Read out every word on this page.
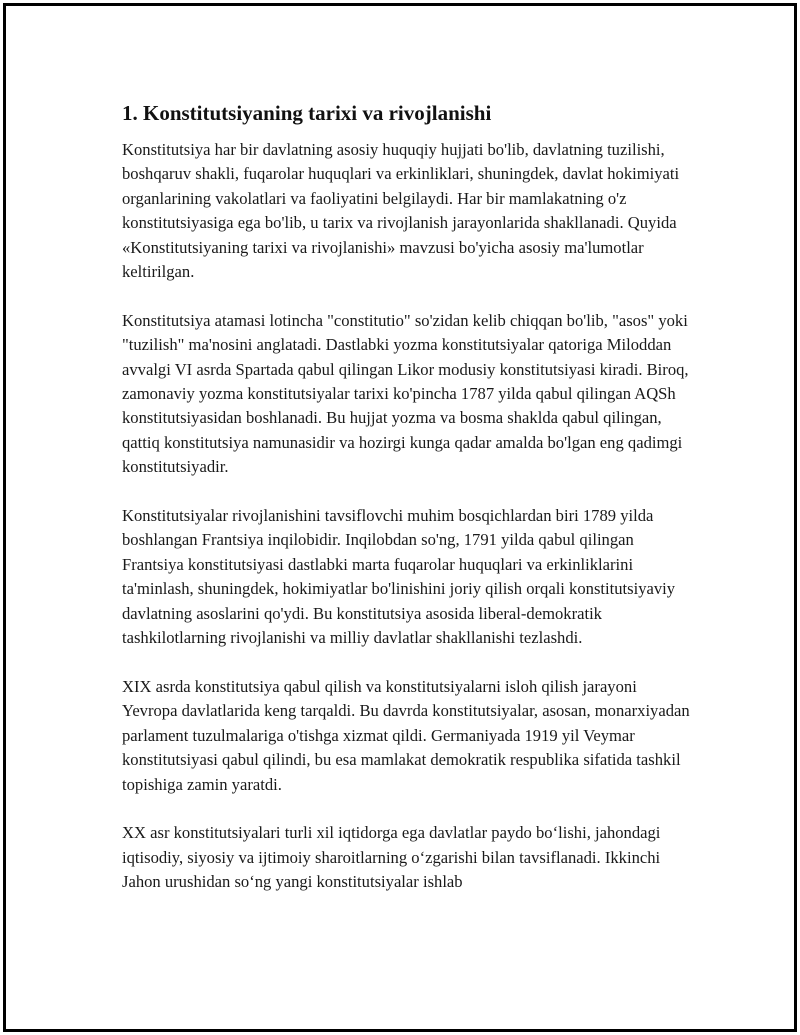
1. Konstitutsiyaning tarixi va rivojlanishi

Konstitutsiya har bir davlatning asosiy huquqiy hujjati bo'lib, davlatning tuzilishi, boshqaruv shakli, fuqarolar huquqlari va erkinliklari, shuningdek, davlat hokimiyati organlarining vakolatlari va faoliyatini belgilaydi. Har bir mamlakatning o'z konstitutsiyasiga ega bo'lib, u tarix va rivojlanish jarayonlarida shakllanadi. Quyida «Konstitutsiyaning tarixi va rivojlanishi» mavzusi bo'yicha asosiy ma'lumotlar keltirilgan.

Konstitutsiya atamasi lotincha "constitutio" so'zidan kelib chiqqan bo'lib, "asos" yoki "tuzilish" ma'nosini anglatadi. Dastlabki yozma konstitutsiyalar qatoriga Miloddan avvalgi VI asrda Spartada qabul qilingan Likor modusiy konstitutsiyasi kiradi. Biroq, zamonaviy yozma konstitutsiyalar tarixi ko'pincha 1787 yilda qabul qilingan AQSh konstitutsiyasidan boshlanadi. Bu hujjat yozma va bosma shaklda qabul qilingan, qattiq konstitutsiya namunasidir va hozirgi kunga qadar amalda bo'lgan eng qadimgi konstitutsiyadir.

Konstitutsiyalar rivojlanishini tavsiflovchi muhim bosqichlardan biri 1789 yilda boshlangan Frantsiya inqilobidir. Inqilobdan so'ng, 1791 yilda qabul qilingan Frantsiya konstitutsiyasi dastlabki marta fuqarolar huquqlari va erkinliklarini ta'minlash, shuningdek, hokimiyatlar bo'linishini joriy qilish orqali konstitutsiyaviy davlatning asoslarini qo'ydi. Bu konstitutsiya asosida liberal-demokratik tashkilotlarning rivojlanishi va milliy davlatlar shakllanishi tezlashdi.

XIX asrda konstitutsiya qabul qilish va konstitutsiyalarni isloh qilish jarayoni Yevropa davlatlarida keng tarqaldi. Bu davrda konstitutsiyalar, asosan, monarxiyadan parlament tuzulmalariga o'tishga xizmat qildi. Germaniyada 1919 yil Veymar konstitutsiyasi qabul qilindi, bu esa mamlakat demokratik respublika sifatida tashkil topishiga zamin yaratdi.

XX asr konstitutsiyalari turli xil iqtidorga ega davlatlar paydo bo‘lishi, jahondagi iqtisodiy, siyosiy va ijtimoiy sharoitlarning o‘zgarishi bilan tavsiflanadi. Ikkinchi Jahon urushidan so‘ng yangi konstitutsiyalar ishlab
